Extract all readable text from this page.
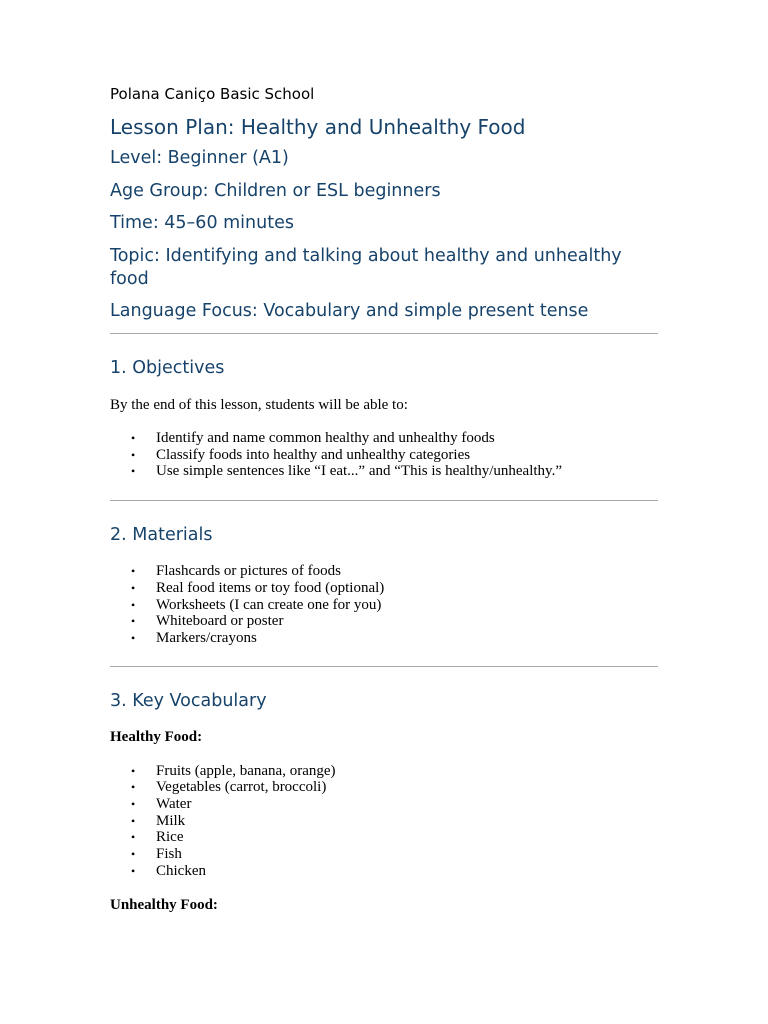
Polana Caniço Basic School

Lesson Plan: Healthy and Unhealthy Food
Level: Beginner (A1)
Age Group: Children or ESL beginners
Time: 45–60 minutes
Topic: Identifying and talking about healthy and unhealthy
food
Language Focus: Vocabulary and simple present tense
1. Objectives

By the end of this lesson, students will be able to:

• Identify and name common healthy and unhealthy foods
• Classify foods into healthy and unhealthy categories
• Use simple sentences like “I eat...” and “This is healthy/unhealthy.”
2. Materials
• Flashcards or pictures of foods
• Real food items or toy food (optional)
• Worksheets (I can create one for you)
• Whiteboard or poster
• Markers/crayons
3. Key Vocabulary

Healthy Food:

• Fruits (apple, banana, orange)
• Vegetables (carrot, broccoli)
• Water
• Milk
• Rice
• Fish
• Chicken

Unhealthy Food:
